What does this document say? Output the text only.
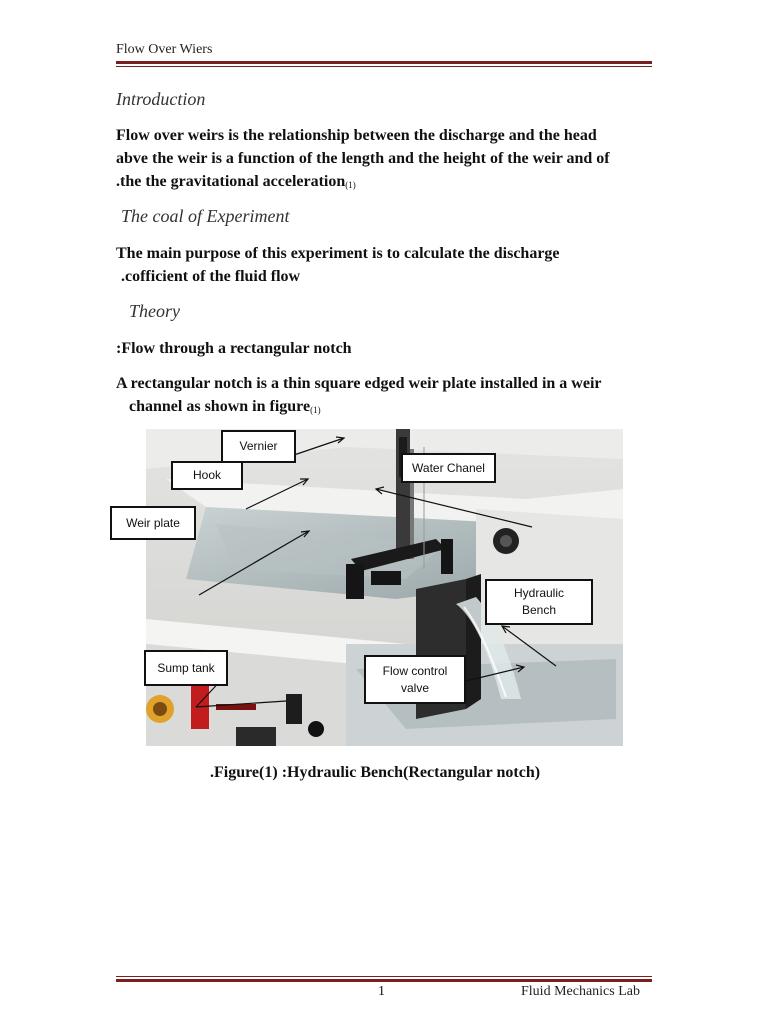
Flow Over Wiers
Introduction
Flow over weirs is the relationship between the discharge and the head
abve the weir is a function of the length and the height of the weir and of
.the the gravitational acceleration$_{(1)}$
The coal of Experiment
The main purpose of this experiment is to calculate the discharge
.cofficient of the fluid flow
Theory
:Flow through a rectangular notch
A rectangular notch is a thin square edged weir plate installed in a weir
channel as shown in figure$_{(1)}$
Vernier
Hook
Water Chanel
Weir plate
Hydraulic
Bench
Sump tank	Flow control
valve
.Figure(1) :Hydraulic Bench(Rectangular notch)
1	Fluid Mechanics Lab
